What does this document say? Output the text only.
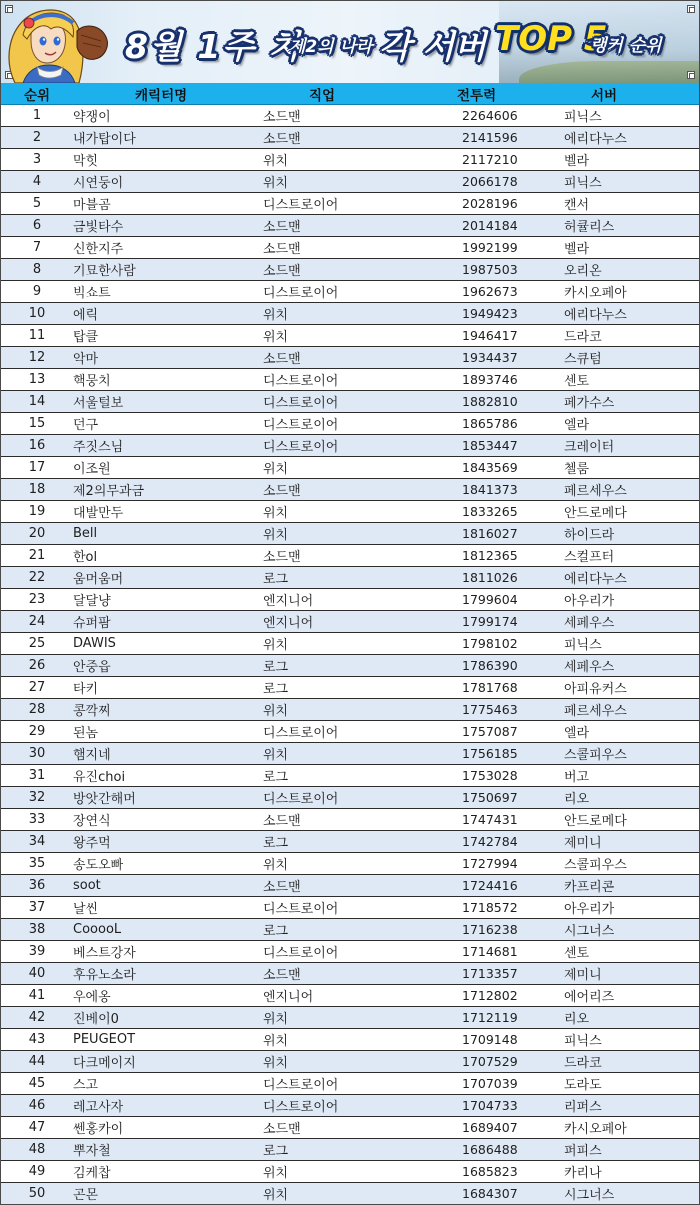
8월 1주 차
제2의 나라 각 서버 TOP 5
랭커 순위
순위	캐릭터명	직업	전투력	서버
1	약쟁이	소드맨	2264606	피닉스
2	내가탑이다	소드맨	2141596	에리다누스
3	막힛	위치	2117210	벨라
4	시연둥이	위치	2066178	피닉스
5	마블곰	디스트로이어	2028196	캔서
6	금빛타수	소드맨	2014184	허큘리스
7	신한지주	소드맨	1992199	벨라
8	기묘한사람	소드맨	1987503	오리온
9	빅쇼트	디스트로이어	1962673	카시오페아
10	에릭	위치	1949423	에리다누스
11	탑클	위치	1946417	드라코
12	악마	소드맨	1934437	스큐텀
13	핵뭉치	디스트로이어	1893746	센토
14	서울털보	디스트로이어	1882810	페가수스
15	던구	디스트로이어	1865786	엘라
16	주짓스님	디스트로이어	1853447	크레이터
17	이조원	위치	1843569	첼룸
18	제2의무과금	소드맨	1841373	페르세우스
19	대발만두	위치	1833265	안드로메다
20	Bell	위치	1816027	하이드라
21	한ol	소드맨	1812365	스컬프터
22	움머움머	로그	1811026	에리다누스
23	달달냥	엔지니어	1799604	아우리가
24	슈퍼팜	엔지니어	1799174	세페우스
25	DAWIS	위치	1798102	피닉스
26	안중읍	로그	1786390	세페우스
27	타키	로그	1781768	아피유커스
28	콩깍찌	위치	1775463	페르세우스
29	된놈	디스트로이어	1757087	엘라
30	햄지네	위치	1756185	스콜피우스
31	유진choi	로그	1753028	버고
32	방앗간해머	디스트로이어	1750697	리오
33	장연식	소드맨	1747431	안드로메다
34	왕주먹	로그	1742784	제미니
35	송도오빠	위치	1727994	스콜피우스
36	soot	소드맨	1724416	카프리콘
37	날씬	디스트로이어	1718572	아우리가
38	CooooL	로그	1716238	시그너스
39	베스트강자	디스트로이어	1714681	센토
40	후유노소라	소드맨	1713357	제미니
41	우에옹	엔지니어	1712802	에어리즈
42	진베이0	위치	1712119	리오
43	PEUGEOT	위치	1709148	피닉스
44	다크메이지	위치	1707529	드라코
45	스고	디스트로이어	1707039	도라도
46	레고사자	디스트로이어	1704733	리퍼스
47	쎈홍카이	소드맨	1689407	카시오페아
48	뿌자철	로그	1686488	퍼피스
49	김케찹	위치	1685823	카리나
50	곤몬	위치	1684307	시그너스
